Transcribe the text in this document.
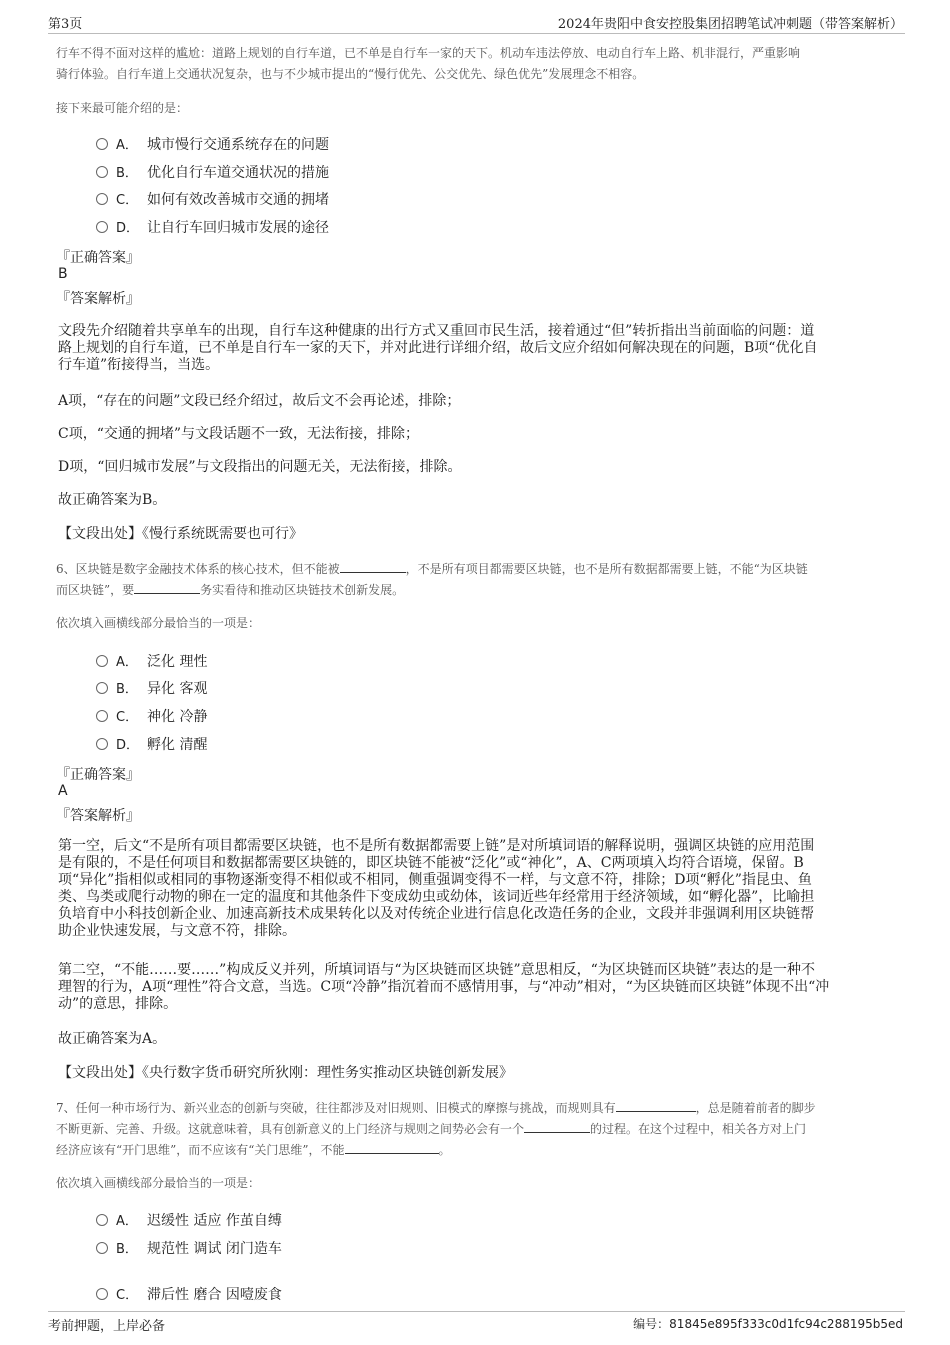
第3页	2024年贵阳中食安控股集团招聘笔试冲刺题（带答案解析）
行车不得不面对这样的尴尬：道路上规划的自行车道，已不单是自行车一家的天下。机动车违法停放、电动自行车上路、机非混行，严重影响
骑行体验。自行车道上交通状况复杂，也与不少城市提出的“慢行优先、公交优先、绿色优先”发展理念不相容。
接下来最可能介绍的是：
A． 城市慢行交通系统存在的问题
B． 优化自行车道交通状况的措施
C． 如何有效改善城市交通的拥堵
D． 让自行车回归城市发展的途径
『正确答案』
B
『答案解析』
文段先介绍随着共享单车的出现，自行车这种健康的出行方式又重回市民生活，接着通过“但”转折指出当前面临的问题：道
路上规划的自行车道，已不单是自行车一家的天下，并对此进行详细介绍，故后文应介绍如何解决现在的问题，B项“优化自
行车道”衔接得当，当选。
A项，“存在的问题”文段已经介绍过，故后文不会再论述，排除；
C项，“交通的拥堵”与文段话题不一致，无法衔接，排除；
D项，“回归城市发展”与文段指出的问题无关，无法衔接，排除。
故正确答案为B。
【文段出处】《慢行系统既需要也可行》
6、区块链是数字金融技术体系的核心技术，但不能被	，不是所有项目都需要区块链，也不是所有数据都需要上链，不能“为区块链
而区块链”，要	务实看待和推动区块链技术创新发展。
依次填入画横线部分最恰当的一项是：
A． 泛化 理性
B． 异化 客观
C． 神化 冷静
D． 孵化 清醒
『正确答案』
A
『答案解析』
第一空，后文“不是所有项目都需要区块链，也不是所有数据都需要上链”是对所填词语的解释说明，强调区块链的应用范围
是有限的，不是任何项目和数据都需要区块链的，即区块链不能被“泛化”或“神化”，A、C两项填入均符合语境，保留。B
项“异化”指相似或相同的事物逐渐变得不相似或不相同，侧重强调变得不一样，与文意不符，排除；D项“孵化”指昆虫、鱼
类、鸟类或爬行动物的卵在一定的温度和其他条件下变成幼虫或幼体，该词近些年经常用于经济领域，如“孵化器”，比喻担
负培育中小科技创新企业、加速高新技术成果转化以及对传统企业进行信息化改造任务的企业，文段并非强调利用区块链帮
助企业快速发展，与文意不符，排除。
第二空，“不能……要……”构成反义并列，所填词语与“为区块链而区块链”意思相反，“为区块链而区块链”表达的是一种不
理智的行为，A项“理性”符合文意，当选。C项“冷静”指沉着而不感情用事，与“冲动”相对，“为区块链而区块链”体现不出“冲
动”的意思，排除。
故正确答案为A。
【文段出处】《央行数字货币研究所狄刚：理性务实推动区块链创新发展》
7、任何一种市场行为、新兴业态的创新与突破，往往都涉及对旧规则、旧模式的摩擦与挑战，而规则具有	，总是随着前者的脚步
不断更新、完善、升级。这就意味着，具有创新意义的上门经济与规则之间势必会有一个	的过程。在这个过程中，相关各方对上门
经济应该有“开门思维”，而不应该有“关门思维”，不能	。
依次填入画横线部分最恰当的一项是：
A． 迟缓性 适应 作茧自缚
B． 规范性 调试 闭门造车
C． 滞后性 磨合 因噎废食
考前押题，上岸必备	编号：81845e895f333c0d1fc94c288195b5ed
